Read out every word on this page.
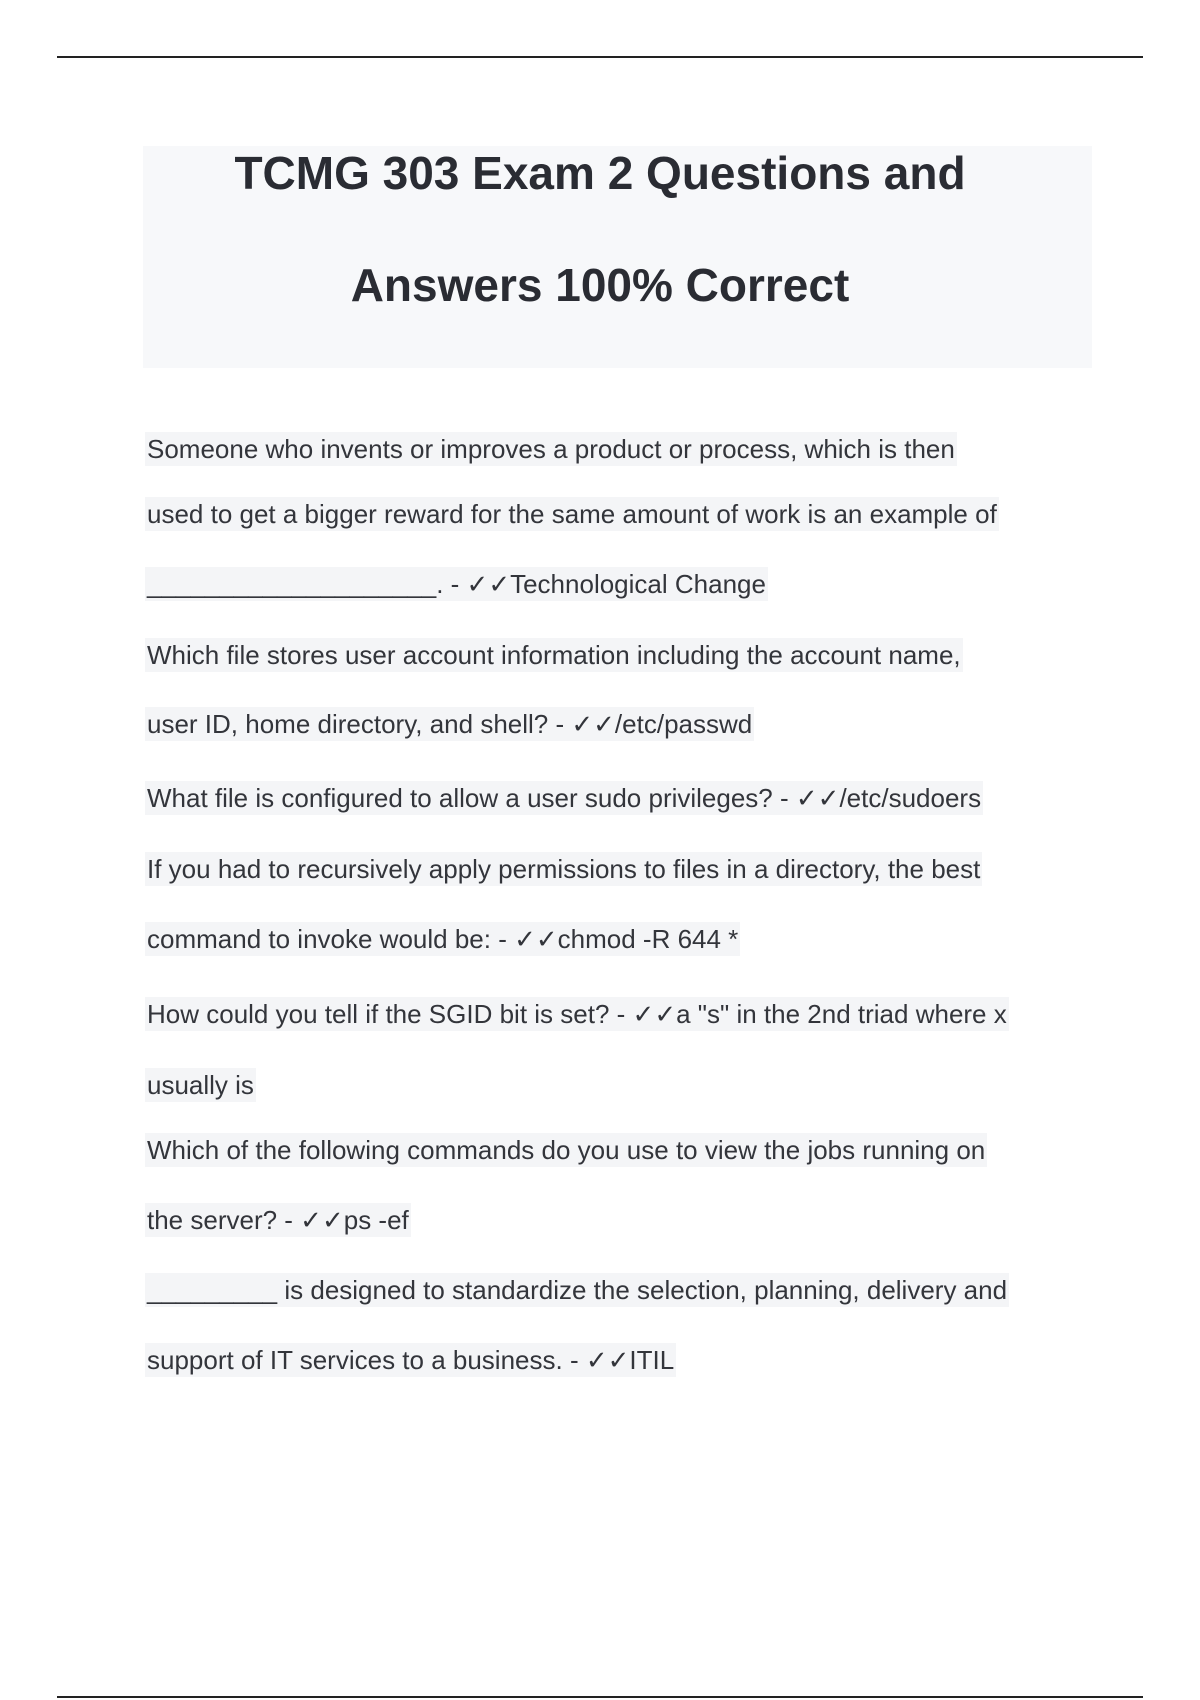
TCMG 303 Exam 2 Questions and
Answers 100% Correct
Someone who invents or improves a product or process, which is then
used to get a bigger reward for the same amount of work is an example of
____________________. - ✓✓Technological Change
Which file stores user account information including the account name,
user ID, home directory, and shell? - ✓✓/etc/passwd
What file is configured to allow a user sudo privileges? - ✓✓/etc/sudoers
If you had to recursively apply permissions to files in a directory, the best
command to invoke would be: - ✓✓chmod -R 644 *
How could you tell if the SGID bit is set? - ✓✓a "s" in the 2nd triad where x
usually is
Which of the following commands do you use to view the jobs running on
the server? - ✓✓ps -ef
_________ is designed to standardize the selection, planning, delivery and
support of IT services to a business. - ✓✓ITIL
